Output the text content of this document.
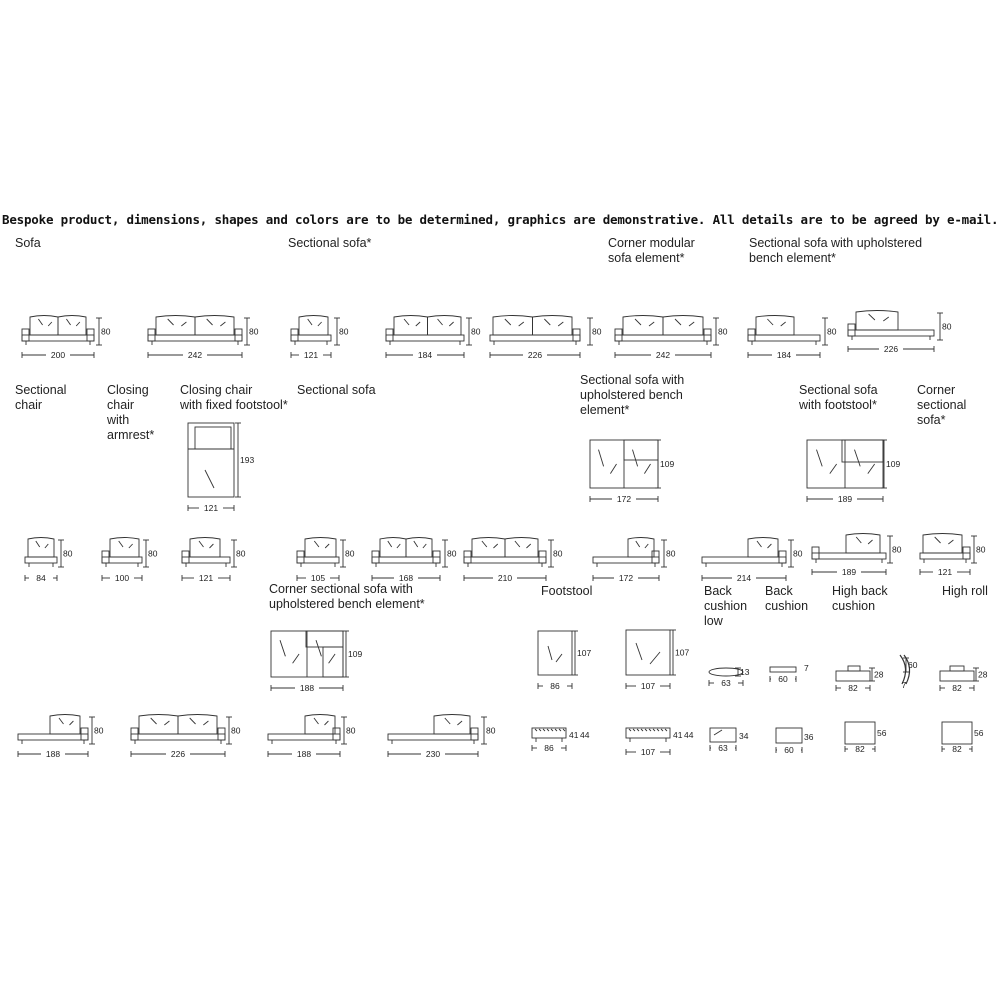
Bespoke product, dimensions, shapes and colors are to be determined, graphics are demonstrative. All details are to be agreed by e-mail.
Sofa	Sectional sofa*	Corner modular
sofa element*
Sectional sofa with upholstered
bench element*
Sectional
chair
Closing
chair
with
armrest*
Closing chair
with fixed footstool*
Sectional sofa
Sectional sofa with
upholstered bench
element*
Sectional sofa
with footstool*
Corner
sectional
sofa*
Corner sectional sofa with
upholstered bench element*
Footstool	Back
cushion
low
Back
cushion
High back
cushion
High roll
80
200
80
242
80
121
80
184
80
226
80
242
80
184
80
226
193
121
109
172
109
189
80
84
80
100
80
121
80
105
80
168
80
210
80
172
80
214
80
189
80
121
109
188
107
86
107
107
13
63
7
60	28
82
60
7
28
82
80
188
80
226
80
188
80
230
41 44
86
41 44
107
34
63
36
60
56
82
56
82
